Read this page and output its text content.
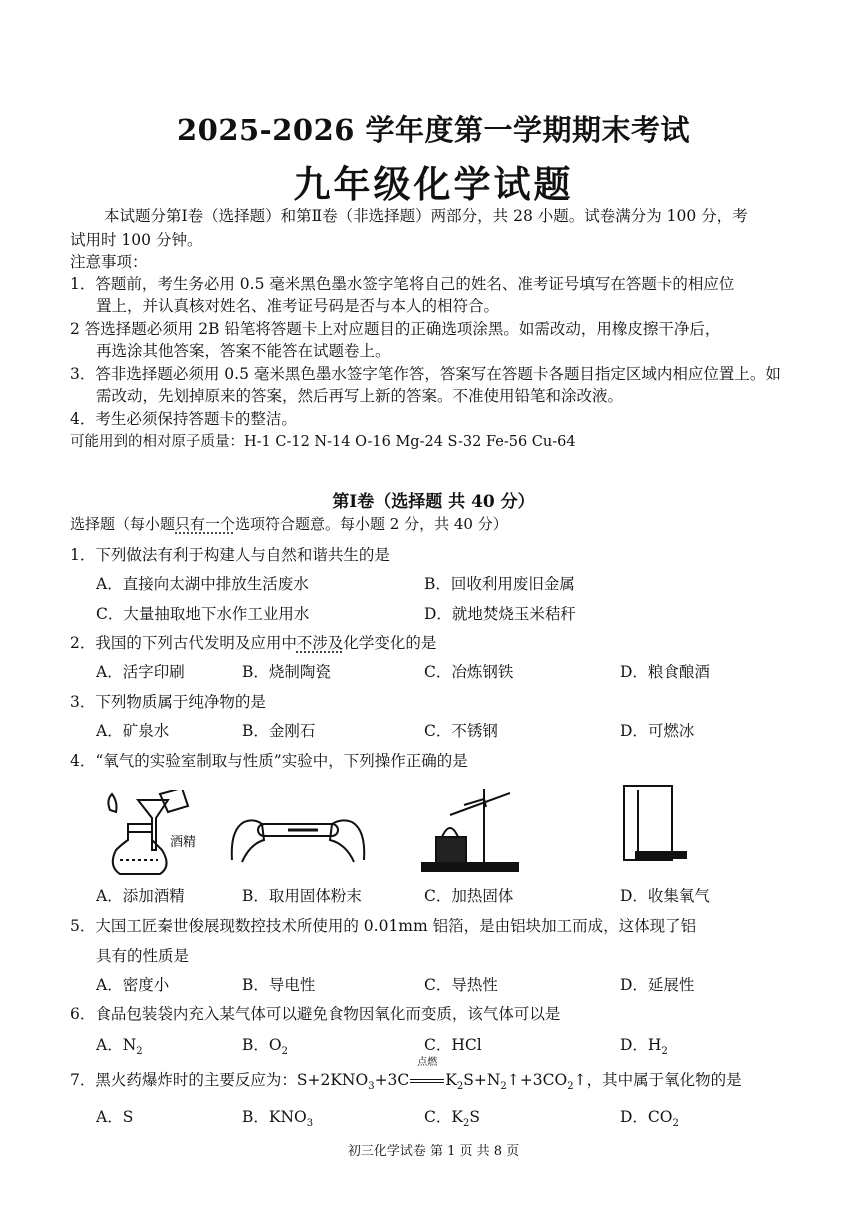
2025-2026 学年度第一学期期末考试
九年级化学试题
本试题分第Ⅰ卷（选择题）和第Ⅱ卷（非选择题）两部分，共 28 小题。试卷满分为 100 分，考
试用时 100 分钟。
注意事项：
1．答题前，考生务必用 0.5 毫米黑色墨水签字笔将自己的姓名、准考证号填写在答题卡的相应位
置上，并认真核对姓名、准考证号码是否与本人的相符合。
2 答选择题必须用 2B 铅笔将答题卡上对应题目的正确选项涂黑。如需改动，用橡皮擦干净后，
再选涂其他答案，答案不能答在试题卷上。
3．答非选择题必须用 0.5 毫米黑色墨水签字笔作答，答案写在答题卡各题目指定区域内相应位置上。如
需改动，先划掉原来的答案，然后再写上新的答案。不准使用铅笔和涂改液。
4．考生必须保持答题卡的整洁。
可能用到的相对原子质量：H-1 C-12 N-14 O-16 Mg-24 S-32 Fe-56 Cu-64
第Ⅰ卷（选择题 共 40 分）
选择题（每小题只有一个选项符合题意。每小题 2 分，共 40 分）
1．下列做法有利于构建人与自然和谐共生的是
A．直接向太湖中排放生活废水	B．回收利用废旧金属
C．大量抽取地下水作工业用水	D．就地焚烧玉米秸秆
2．我国的下列古代发明及应用中不涉及化学变化的是
A．活字印刷	B．烧制陶瓷	C．冶炼钢铁	D．粮食酿酒
3．下列物质属于纯净物的是
A．矿泉水	B．金刚石	C．不锈钢	D．可燃冰
4．“氧气的实验室制取与性质”实验中，下列操作正确的是
酒精
A．添加酒精	B．取用固体粉末	C．加热固体	D．收集氧气
5．大国工匠秦世俊展现数控技术所使用的 0.01mm 铝箔，是由铝块加工而成，这体现了铝
具有的性质是
A．密度小	B．导电性	C．导热性	D．延展性
6．食品包装袋内充入某气体可以避免食物因氧化而变质，该气体可以是
A．$N_2$	B．$O_2$	C．HCl	D．$H_2$
7．黑火药爆炸时的主要反应为：$S+2KNO_3+3C$
点燃
$K_2S+N_2↑+3CO_2↑$，其中属于氧化物的是
A．S	B．$KNO_3$	C．$K_2S$	D．$CO_2$
初三化学试卷 第 1 页 共 8 页
